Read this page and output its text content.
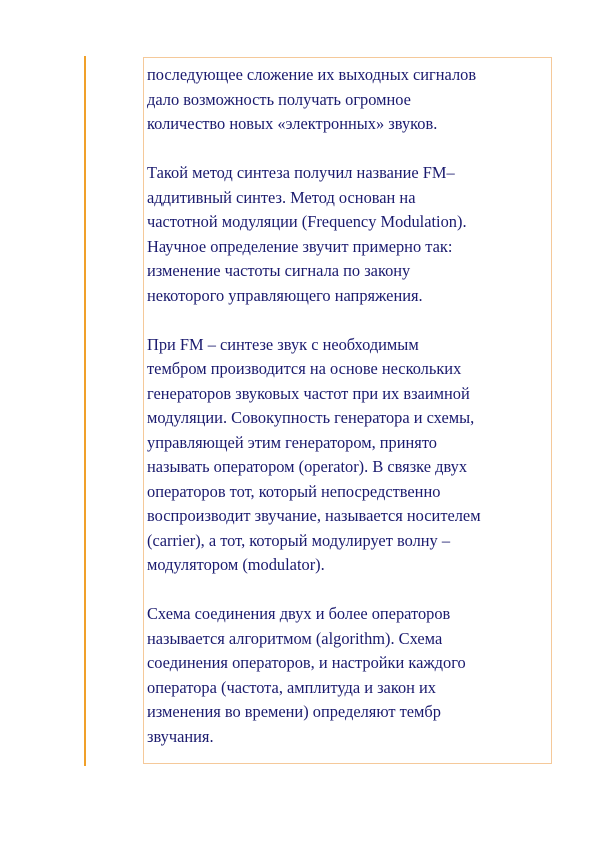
последующее сложение их выходных сигналов
дало возможность получать огромное
количество новых «электронных» звуков.

Такой метод синтеза получил название FM–
аддитивный синтез. Метод основан на
частотной модуляции (Frequency Modulation).
Научное определение звучит примерно так:
изменение частоты сигнала по закону
некоторого управляющего напряжения.

При FM – синтезе звук с необходимым
тембром производится на основе нескольких
генераторов звуковых частот при их взаимной
модуляции. Совокупность генератора и схемы,
управляющей этим генератором, принято
называть оператором (operator). В связке двух
операторов тот, который непосредственно
воспроизводит звучание, называется носителем
(carrier), а тот, который модулирует волну –
модулятором (modulator).

Схема соединения двух и более операторов
называется алгоритмом (algorithm). Схема
соединения операторов, и настройки каждого
оператора (частота, амплитуда и закон их
изменения во времени) определяют тембр
звучания.
